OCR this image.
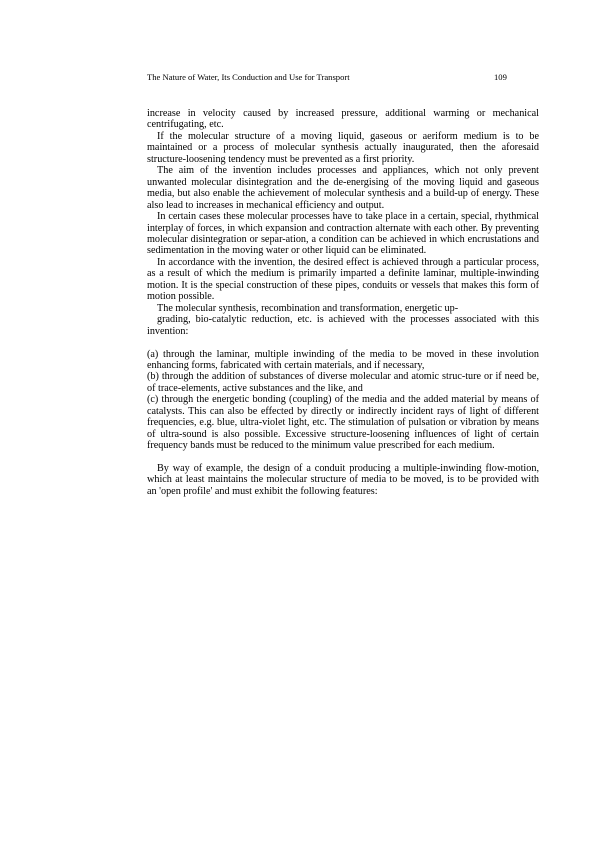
The Nature of Water, Its Conduction and Use for Transport	109

increase in velocity caused by increased pressure, additional warming or mechanical centrifugating, etc.

If the molecular structure of a moving liquid, gaseous or aeriform medium is to be maintained or a process of molecular synthesis actually inaugurated, then the aforesaid structure-loosening tendency must be prevented as a first priority.

The aim of the invention includes processes and appliances, which not only prevent unwanted molecular disintegration and the de-energising of the moving liquid and gaseous media, but also enable the achievement of molecular synthesis and a build-up of energy. These also lead to increases in mechanical efficiency and output.

In certain cases these molecular processes have to take place in a certain, special, rhythmical interplay of forces, in which expansion and contraction alternate with each other. By preventing molecular disintegration or separ-ation, a condition can be achieved in which encrustations and sedimentation in the moving water or other liquid can be eliminated.

In accordance with the invention, the desired effect is achieved through a particular process, as a result of which the medium is primarily imparted a definite laminar, multiple-inwinding motion. It is the special construction of these pipes, conduits or vessels that makes this form of motion possible.

The molecular synthesis, recombination and transformation, energetic up-

grading, bio-catalytic reduction, etc. is achieved with the processes associated with this invention:

(a) through the laminar, multiple inwinding of the media to be moved in these involution enhancing forms, fabricated with certain materials, and if necessary,

(b) through the addition of substances of diverse molecular and atomic struc-ture or if need be, of trace-elements, active substances and the like, and

(c) through the energetic bonding (coupling) of the media and the added material by means of catalysts. This can also be effected by directly or indirectly incident rays of light of different frequencies, e.g. blue, ultra-violet light, etc. The stimulation of pulsation or vibration by means of ultra-sound is also possible. Excessive structure-loosening influences of light of certain frequency bands must be reduced to the minimum value prescribed for each medium.

By way of example, the design of a conduit producing a multiple-inwinding flow-motion, which at least maintains the molecular structure of media to be moved, is to be provided with an 'open profile' and must exhibit the following features:
